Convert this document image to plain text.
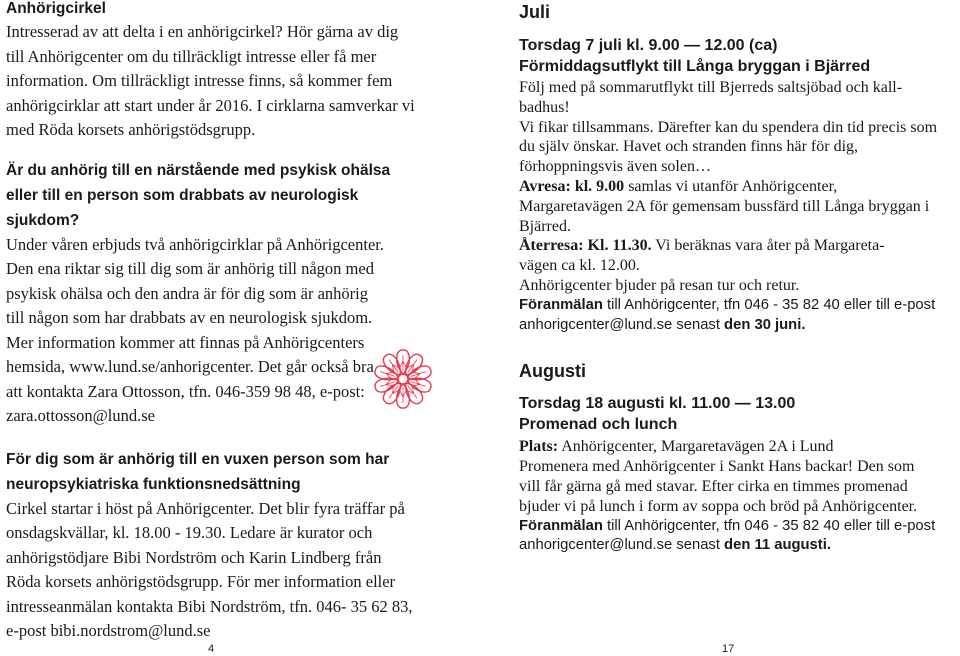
Anhörigcirkel

Intresserad av att delta i en anhörigcirkel? Hör gärna av dig till Anhörigcenter om du tillräckligt intresse eller få mer information. Om tillräckligt intresse finns, så kommer fem anhörigcirklar att start under år 2016. I cirklarna samverkar vi med Röda korsets anhörigstödsgrupp.

Är du anhörig till en närstående med psykisk ohälsa eller till en person som drabbats av neurologisk sjukdom?

Under våren erbjuds två anhörigcirklar på Anhörigcenter. Den ena riktar sig till dig som är anhörig till någon med psykisk ohälsa och den andra är för dig som är anhörig till någon som har drabbats av en neurologisk sjukdom. Mer information kommer att finnas på Anhörigcenters hemsida, www.lund.se/anhorigcenter. Det går också bra att kontakta Zara Ottosson, tfn. 046-359 98 48, e-post: zara.ottosson@lund.se

För dig som är anhörig till en vuxen person som har neuropsykiatriska funktionsnedsättning

Cirkel startar i höst på Anhörigcenter. Det blir fyra träffar på onsdagskvällar, kl. 18.00 - 19.30. Ledare är kurator och anhörigstödjare Bibi Nordström och Karin Lindberg från Röda korsets anhörigstödsgrupp. För mer information eller intresseanmälan kontakta Bibi Nordström, tfn. 046- 35 62 83, e-post bibi.nordstrom@lund.se

4
Juli
Torsdag 7 juli kl. 9.00 — 12.00 (ca)
Förmiddagsutflykt till Långa bryggan i Bjärred

Följ med på sommarutflykt till Bjerreds saltsjöbad och kall-badhus!

Vi fikar tillsammans. Därefter kan du spendera din tid precis som du själv önskar. Havet och stranden finns här för dig, förhoppningsvis även solen…

Avresa: kl. 9.00 samlas vi utanför Anhörigcenter, Margaretavägen 2A för gemensam bussfärd till Långa bryggan i Bjärred.

Återresa: Kl. 11.30. Vi beräknas vara åter på Margareta-vägen ca kl. 12.00.

Anhörigcenter bjuder på resan tur och retur.

Föranmälan till Anhörigcenter, tfn 046 - 35 82 40 eller till e-post anhorigcenter@lund.se senast den 30 juni.

Augusti
Torsdag 18 augusti kl. 11.00 — 13.00
Promenad och lunch

Plats: Anhörigcenter, Margaretavägen 2A i Lund

Promenera med Anhörigcenter i Sankt Hans backar! Den som vill får gärna gå med stavar. Efter cirka en timmes promenad bjuder vi på lunch i form av soppa och bröd på Anhörigcenter.

Föranmälan till Anhörigcenter, tfn 046 - 35 82 40 eller till e-post anhorigcenter@lund.se senast den 11 augusti.

17
